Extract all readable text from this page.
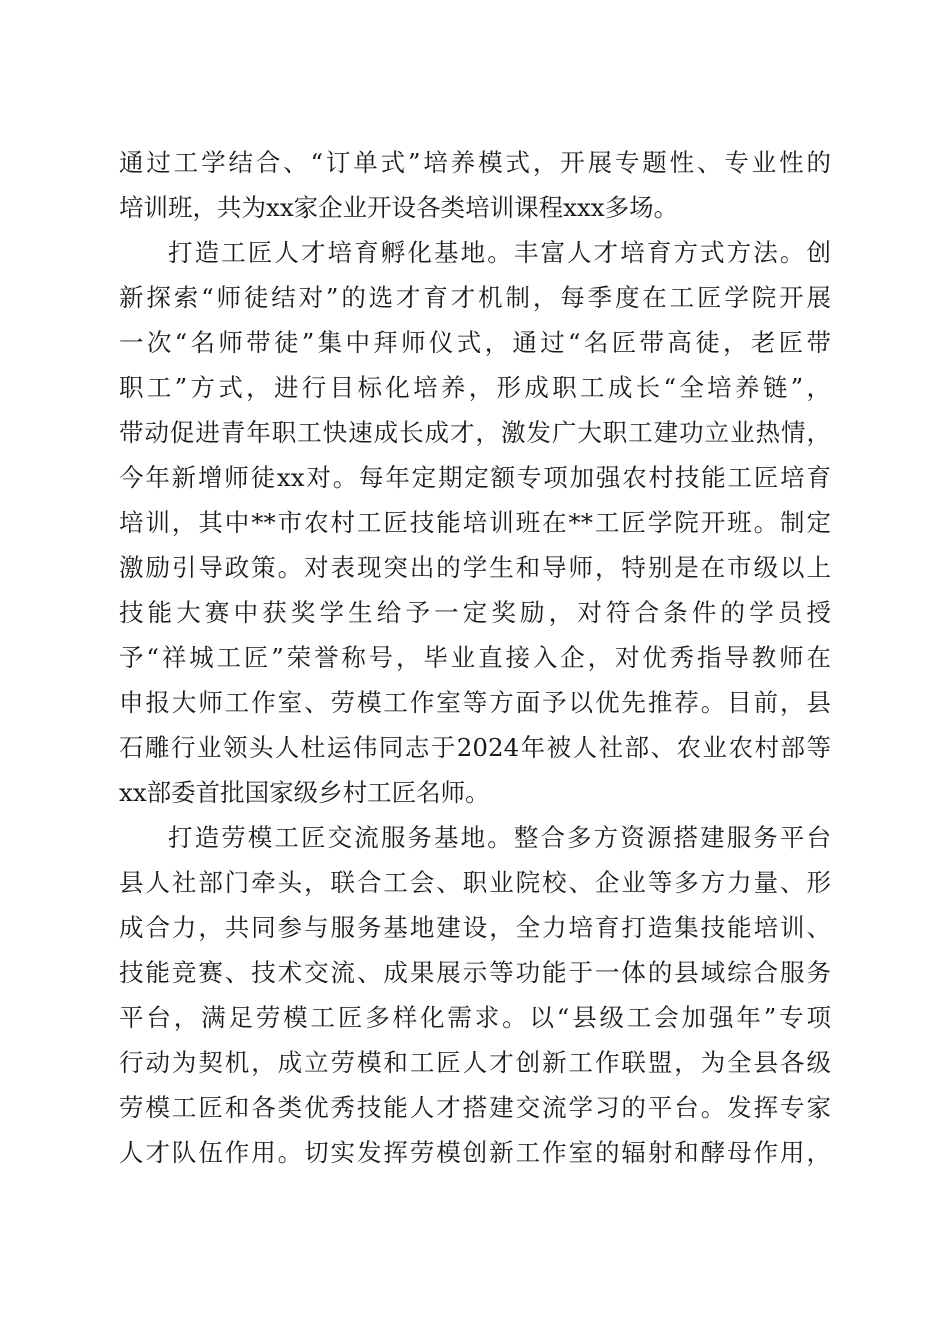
通过工学结合、“订单式”培养模式，开展专题性、专业性的
培训班，共为xx家企业开设各类培训课程xxx多场。
打造工匠人才培育孵化基地。丰富人才培育方式方法。创
新探索“师徒结对”的选才育才机制，每季度在工匠学院开展
一次“名师带徒”集中拜师仪式，通过“名匠带高徒，老匠带
职工”方式，进行目标化培养，形成职工成长“全培养链”，
带动促进青年职工快速成长成才，激发广大职工建功立业热情，
今年新增师徒xx对。每年定期定额专项加强农村技能工匠培育
培训，其中**市农村工匠技能培训班在**工匠学院开班。制定
激励引导政策。对表现突出的学生和导师，特别是在市级以上
技能大赛中获奖学生给予一定奖励，对符合条件的学员授
予“祥城工匠”荣誉称号，毕业直接入企，对优秀指导教师在
申报大师工作室、劳模工作室等方面予以优先推荐。目前，县
石雕行业领头人杜运伟同志于2024年被人社部、农业农村部等
xx部委首批国家级乡村工匠名师。
打造劳模工匠交流服务基地。整合多方资源搭建服务平台
县人社部门牵头，联合工会、职业院校、企业等多方力量、形
成合力，共同参与服务基地建设，全力培育打造集技能培训、
技能竞赛、技术交流、成果展示等功能于一体的县域综合服务
平台，满足劳模工匠多样化需求。以“县级工会加强年”专项
行动为契机，成立劳模和工匠人才创新工作联盟，为全县各级
劳模工匠和各类优秀技能人才搭建交流学习的平台。发挥专家
人才队伍作用。切实发挥劳模创新工作室的辐射和酵母作用，
